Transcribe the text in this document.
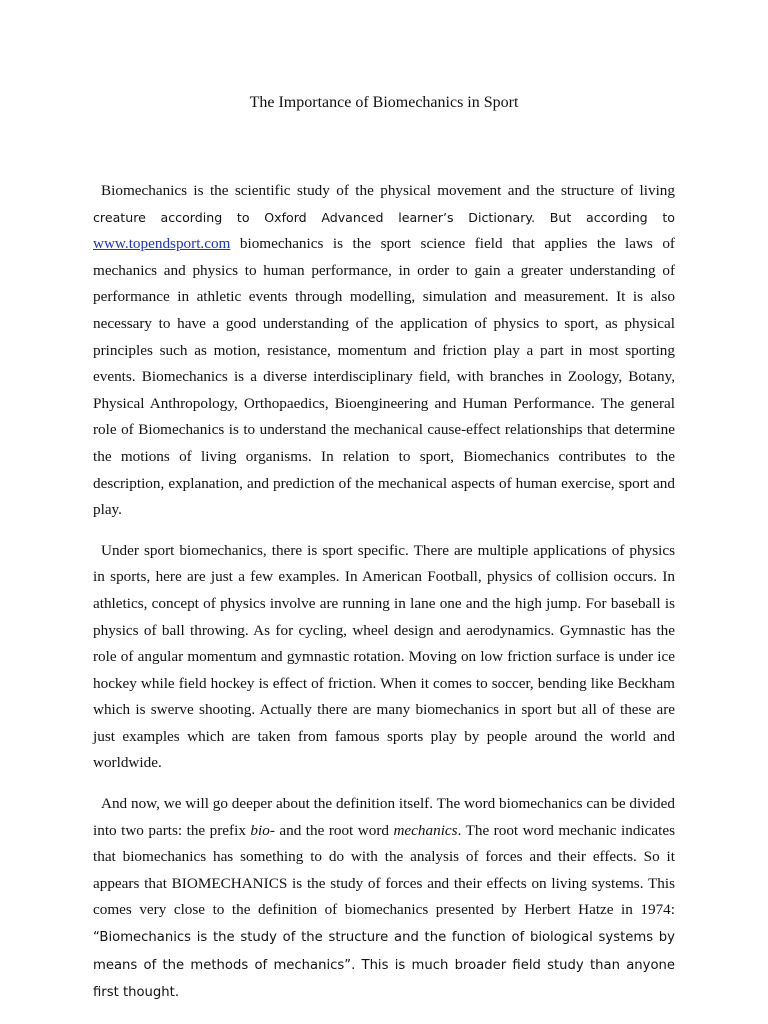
The Importance of Biomechanics in Sport

Biomechanics is the scientific study of the physical movement and the structure of living creature according to Oxford Advanced learner’s Dictionary. But according to www.topendsport.com biomechanics is the sport science field that applies the laws of mechanics and physics to human performance, in order to gain a greater understanding of performance in athletic events through modelling, simulation and measurement. It is also necessary to have a good understanding of the application of physics to sport, as physical principles such as motion, resistance, momentum and friction play a part in most sporting events. Biomechanics is a diverse interdisciplinary field, with branches in Zoology, Botany, Physical Anthropology, Orthopaedics, Bioengineering and Human Performance. The general role of Biomechanics is to understand the mechanical cause-effect relationships that determine the motions of living organisms. In relation to sport, Biomechanics contributes to the description, explanation, and prediction of the mechanical aspects of human exercise, sport and play.

Under sport biomechanics, there is sport specific. There are multiple applications of physics in sports, here are just a few examples. In American Football, physics of collision occurs. In athletics, concept of physics involve are running in lane one and the high jump. For baseball is physics of ball throwing. As for cycling, wheel design and aerodynamics. Gymnastic has the role of angular momentum and gymnastic rotation. Moving on low friction surface is under ice hockey while field hockey is effect of friction. When it comes to soccer, bending like Beckham which is swerve shooting. Actually there are many biomechanics in sport but all of these are just examples which are taken from famous sports play by people around the world and worldwide.

And now, we will go deeper about the definition itself. The word biomechanics can be divided into two parts: the prefix bio- and the root word mechanics. The root word mechanic indicates that biomechanics has something to do with the analysis of forces and their effects. So it appears that BIOMECHANICS is the study of forces and their effects on living systems. This comes very close to the definition of biomechanics presented by Herbert Hatze in 1974: “Biomechanics is the study of the structure and the function of biological systems by means of the methods of mechanics”. This is much broader field study than anyone first thought.
